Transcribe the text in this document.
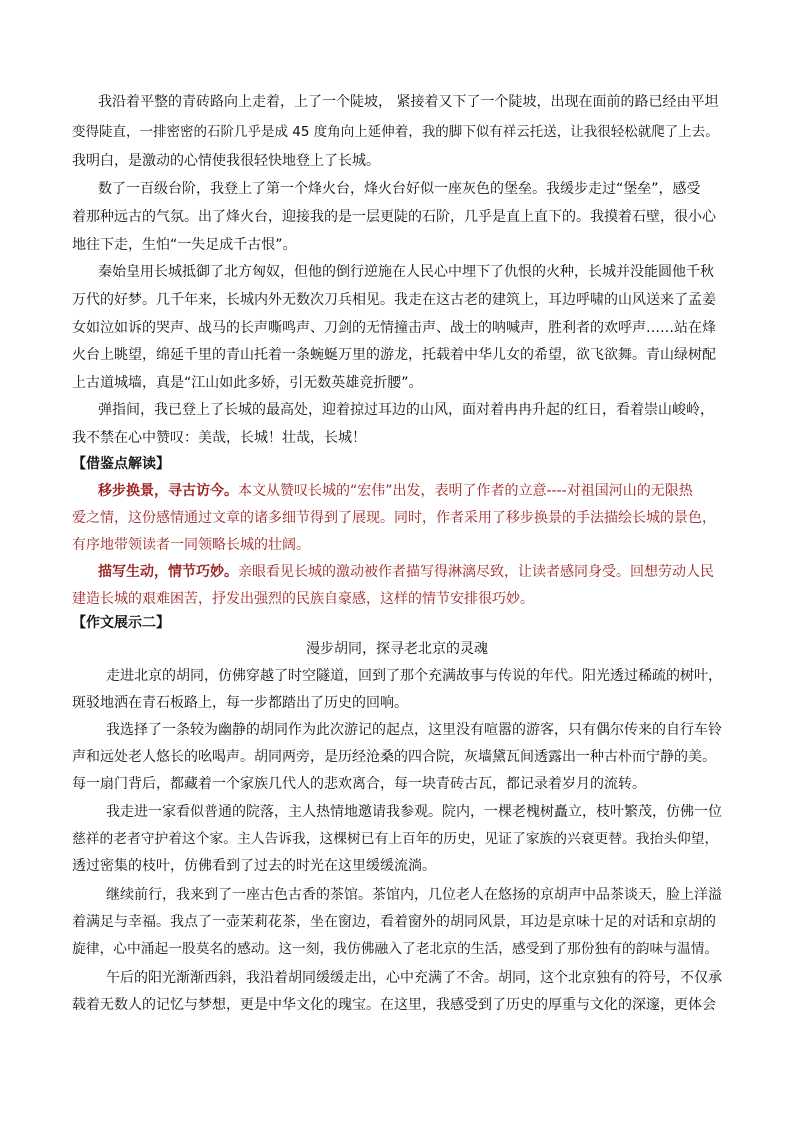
我沿着平整的青砖路向上走着，上了一个陡坡， 紧接着又下了一个陡坡，出现在面前的路已经由平坦
变得陡直，一排密密的石阶几乎是成 45 度角向上延伸着，我的脚下似有祥云托送，让我很轻松就爬了上去。
我明白，是激动的心情使我很轻快地登上了长城。
数了一百级台阶，我登上了第一个烽火台，烽火台好似一座灰色的堡垒。我缓步走过“堡垒”，感受
着那种远古的气氛。出了烽火台，迎接我的是一层更陡的石阶，几乎是直上直下的。我摸着石壁，很小心
地往下走，生怕“一失足成千古恨”。
秦始皇用长城抵御了北方匈奴，但他的倒行逆施在人民心中埋下了仇恨的火种，长城并没能圆他千秋
万代的好梦。几千年来，长城内外无数次刀兵相见。我走在这古老的建筑上，耳边呼啸的山风送来了孟姜
女如泣如诉的哭声、战马的长声嘶鸣声、刀剑的无情撞击声、战士的呐喊声，胜利者的欢呼声……站在烽
火台上眺望，绵延千里的青山托着一条蜿蜒万里的游龙，托载着中华儿女的希望，欲飞欲舞。青山绿树配
上古道城墙，真是“江山如此多娇，引无数英雄竞折腰”。
弹指间，我已登上了长城的最高处，迎着掠过耳边的山风，面对着冉冉升起的红日，看着崇山峻岭，
我不禁在心中赞叹：美哉，长城！壮哉，长城！
【借鉴点解读】
移步换景，寻古访今。本文从赞叹长城的“宏伟”出发，表明了作者的立意----对祖国河山的无限热
爱之情，这份感情通过文章的诸多细节得到了展现。同时，作者采用了移步换景的手法描绘长城的景色，
有序地带领读者一同领略长城的壮阔。
描写生动，情节巧妙。亲眼看见长城的激动被作者描写得淋漓尽致，让读者感同身受。回想劳动人民
建造长城的艰难困苦，抒发出强烈的民族自豪感，这样的情节安排很巧妙。
【作文展示二】
漫步胡同，探寻老北京的灵魂
走进北京的胡同，仿佛穿越了时空隧道，回到了那个充满故事与传说的年代。阳光透过稀疏的树叶，
斑驳地洒在青石板路上，每一步都踏出了历史的回响。
我选择了一条较为幽静的胡同作为此次游记的起点，这里没有喧嚣的游客，只有偶尔传来的自行车铃
声和远处老人悠长的吆喝声。胡同两旁，是历经沧桑的四合院，灰墙黛瓦间透露出一种古朴而宁静的美。
每一扇门背后，都藏着一个家族几代人的悲欢离合，每一块青砖古瓦，都记录着岁月的流转。
我走进一家看似普通的院落，主人热情地邀请我参观。院内，一棵老槐树矗立，枝叶繁茂，仿佛一位
慈祥的老者守护着这个家。主人告诉我，这棵树已有上百年的历史，见证了家族的兴衰更替。我抬头仰望，
透过密集的枝叶，仿佛看到了过去的时光在这里缓缓流淌。
继续前行，我来到了一座古色古香的茶馆。茶馆内，几位老人在悠扬的京胡声中品茶谈天，脸上洋溢
着满足与幸福。我点了一壶茉莉花茶，坐在窗边，看着窗外的胡同风景，耳边是京味十足的对话和京胡的
旋律，心中涌起一股莫名的感动。这一刻，我仿佛融入了老北京的生活，感受到了那份独有的韵味与温情。
午后的阳光渐渐西斜，我沿着胡同缓缓走出，心中充满了不舍。胡同，这个北京独有的符号，不仅承
载着无数人的记忆与梦想，更是中华文化的瑰宝。在这里，我感受到了历史的厚重与文化的深邃，更体会
